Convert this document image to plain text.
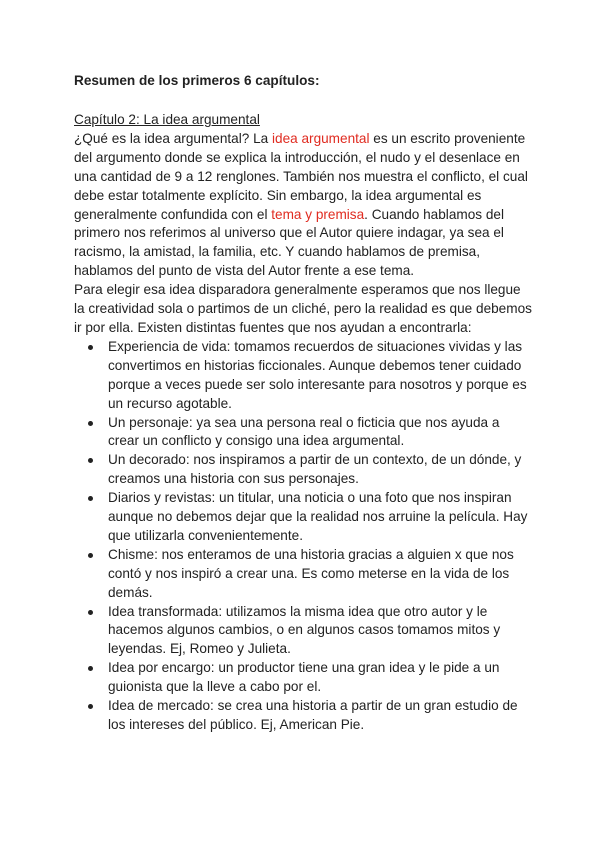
Resumen de los primeros 6 capítulos:

Capítulo 2: La idea argumental

¿Qué es la idea argumental? La idea argumental es un escrito proveniente del argumento donde se explica la introducción, el nudo y el desenlace en una cantidad de 9 a 12 renglones. También nos muestra el conflicto, el cual debe estar totalmente explícito. Sin embargo, la idea argumental es generalmente confundida con el tema y premisa. Cuando hablamos del primero nos referimos al universo que el Autor quiere indagar, ya sea el racismo, la amistad, la familia, etc. Y cuando hablamos de premisa, hablamos del punto de vista del Autor frente a ese tema.

Para elegir esa idea disparadora generalmente esperamos que nos llegue la creatividad sola o partimos de un cliché, pero la realidad es que debemos ir por ella. Existen distintas fuentes que nos ayudan a encontrarla:

Experiencia de vida: tomamos recuerdos de situaciones vividas y las convertimos en historias ficcionales. Aunque debemos tener cuidado porque a veces puede ser solo interesante para nosotros y porque es un recurso agotable.
Un personaje: ya sea una persona real o ficticia que nos ayuda a crear un conflicto y consigo una idea argumental.
Un decorado: nos inspiramos a partir de un contexto, de un dónde, y creamos una historia con sus personajes.
Diarios y revistas: un titular, una noticia o una foto que nos inspiran aunque no debemos dejar que la realidad nos arruine la película. Hay que utilizarla convenientemente.
Chisme: nos enteramos de una historia gracias a alguien x que nos contó y nos inspiró a crear una. Es como meterse en la vida de los demás.
Idea transformada: utilizamos la misma idea que otro autor y le hacemos algunos cambios, o en algunos casos tomamos mitos y leyendas. Ej, Romeo y Julieta.
Idea por encargo: un productor tiene una gran idea y le pide a un guionista que la lleve a cabo por el.
Idea de mercado: se crea una historia a partir de un gran estudio de los intereses del público. Ej, American Pie.
